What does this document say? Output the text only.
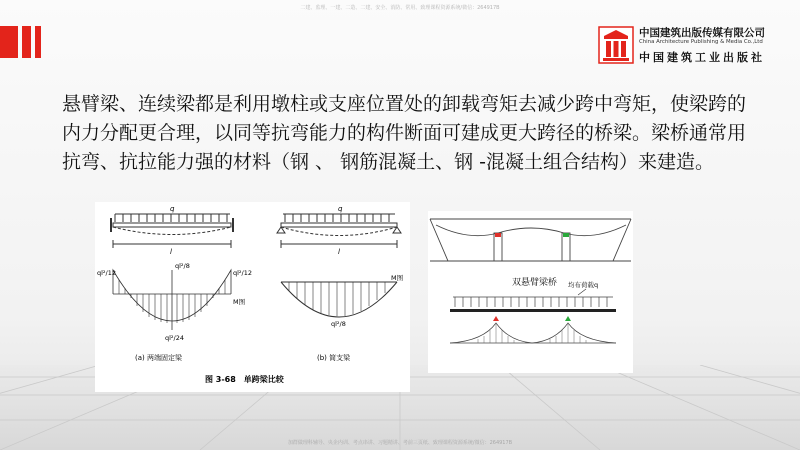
二建、监理、一建、二造、二建、安全、消防、常用、致理课程资源系统/微信：264917B
中国建筑出版传媒有限公司
China Architecture Publishing & Media Co.,Ltd
中国建筑工业出版社

悬臂梁、连续梁都是利用墩柱或支座位置处的卸载弯矩去减少跨中弯矩，使梁跨的

内力分配更合理，以同等抗弯能力的构件断面可建成更大跨径的桥梁。梁桥通常用

抗弯、抗拉能力强的材料（钢 、 钢筋混凝土、钢 -混凝土组合结构）来建造。

q
l
ql²/12
ql²/8
ql²/12
M图
ql²/24
(a) 两端固定梁
q
l
M图
ql²/8
(b) 简支梁
图 3-68　单跨梁比较
双悬臂梁桥 均布荷载q
加群做理科辅导、央企内训、考点串讲、习题精讲、考前三页纸、致理课程资源系统/微信：264917B
